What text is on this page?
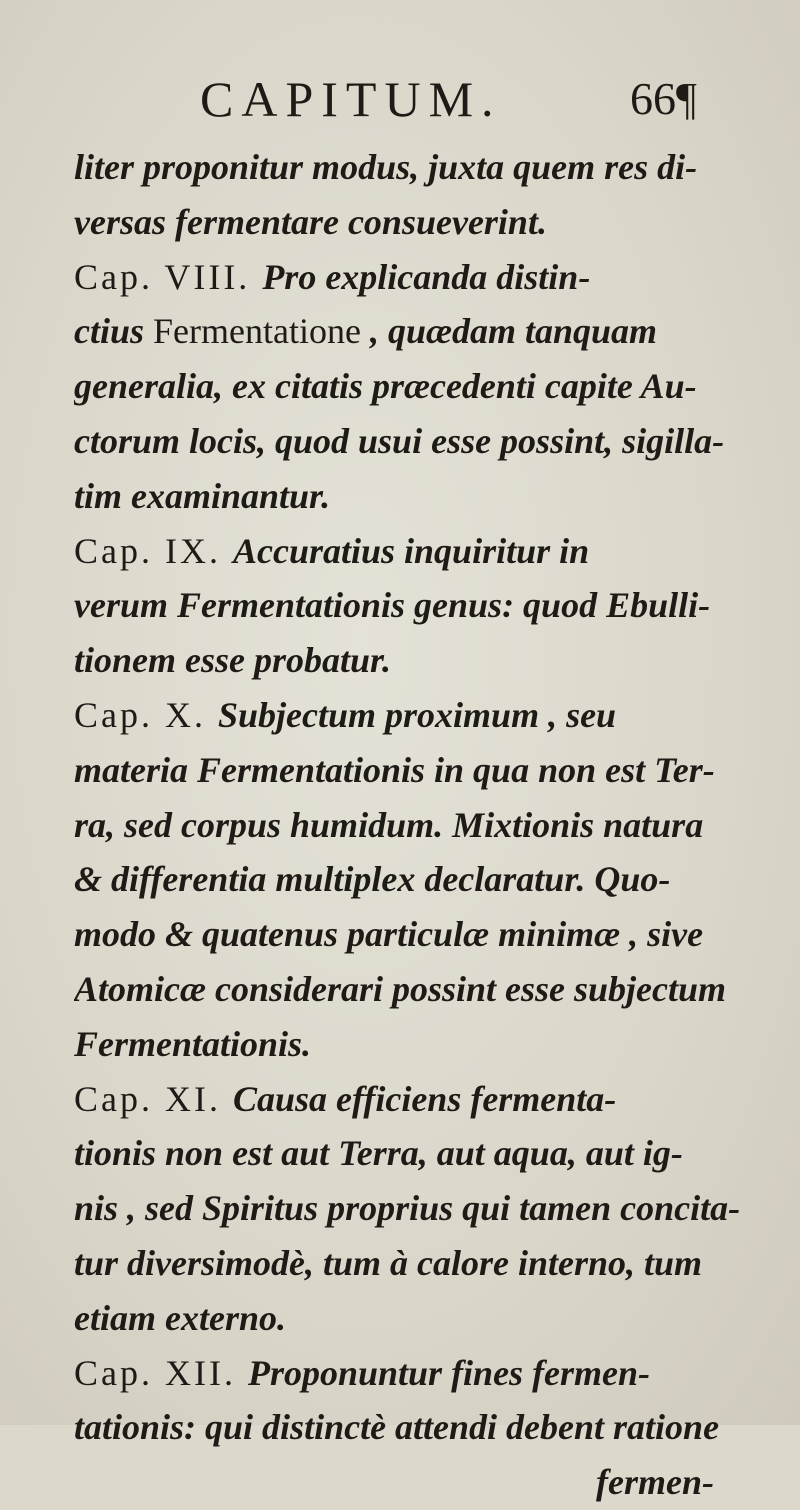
CAPITUM.	66¶
liter proponitur modus, juxta quem res di-
versas fermentare consueverint.
Cap. VIII. Pro explicanda distin-
ctius Fermentatione , quædam tanquam
generalia, ex citatis præcedenti capite Au-
ctorum locis, quod usui esse possint, sigilla-
tim examinantur.
Cap. IX. Accuratius inquiritur in
verum Fermentationis genus: quod Ebulli-
tionem esse probatur.
Cap. X. Subjectum proximum , seu
materia Fermentationis in qua non est Ter-
ra, sed corpus humidum. Mixtionis natura
& differentia multiplex declaratur. Quo-
modo & quatenus particulæ minimæ , sive
Atomicæ considerari possint esse subjectum
Fermentationis.
Cap. XI. Causa efficiens fermenta-
tionis non est aut Terra, aut aqua, aut ig-
nis , sed Spiritus proprius qui tamen concita-
tur diversimodè, tum à calore interno, tum
etiam externo.
Cap. XII. Proponuntur fines fermen-
tationis: qui distinctè attendi debent ratione
fermen-
